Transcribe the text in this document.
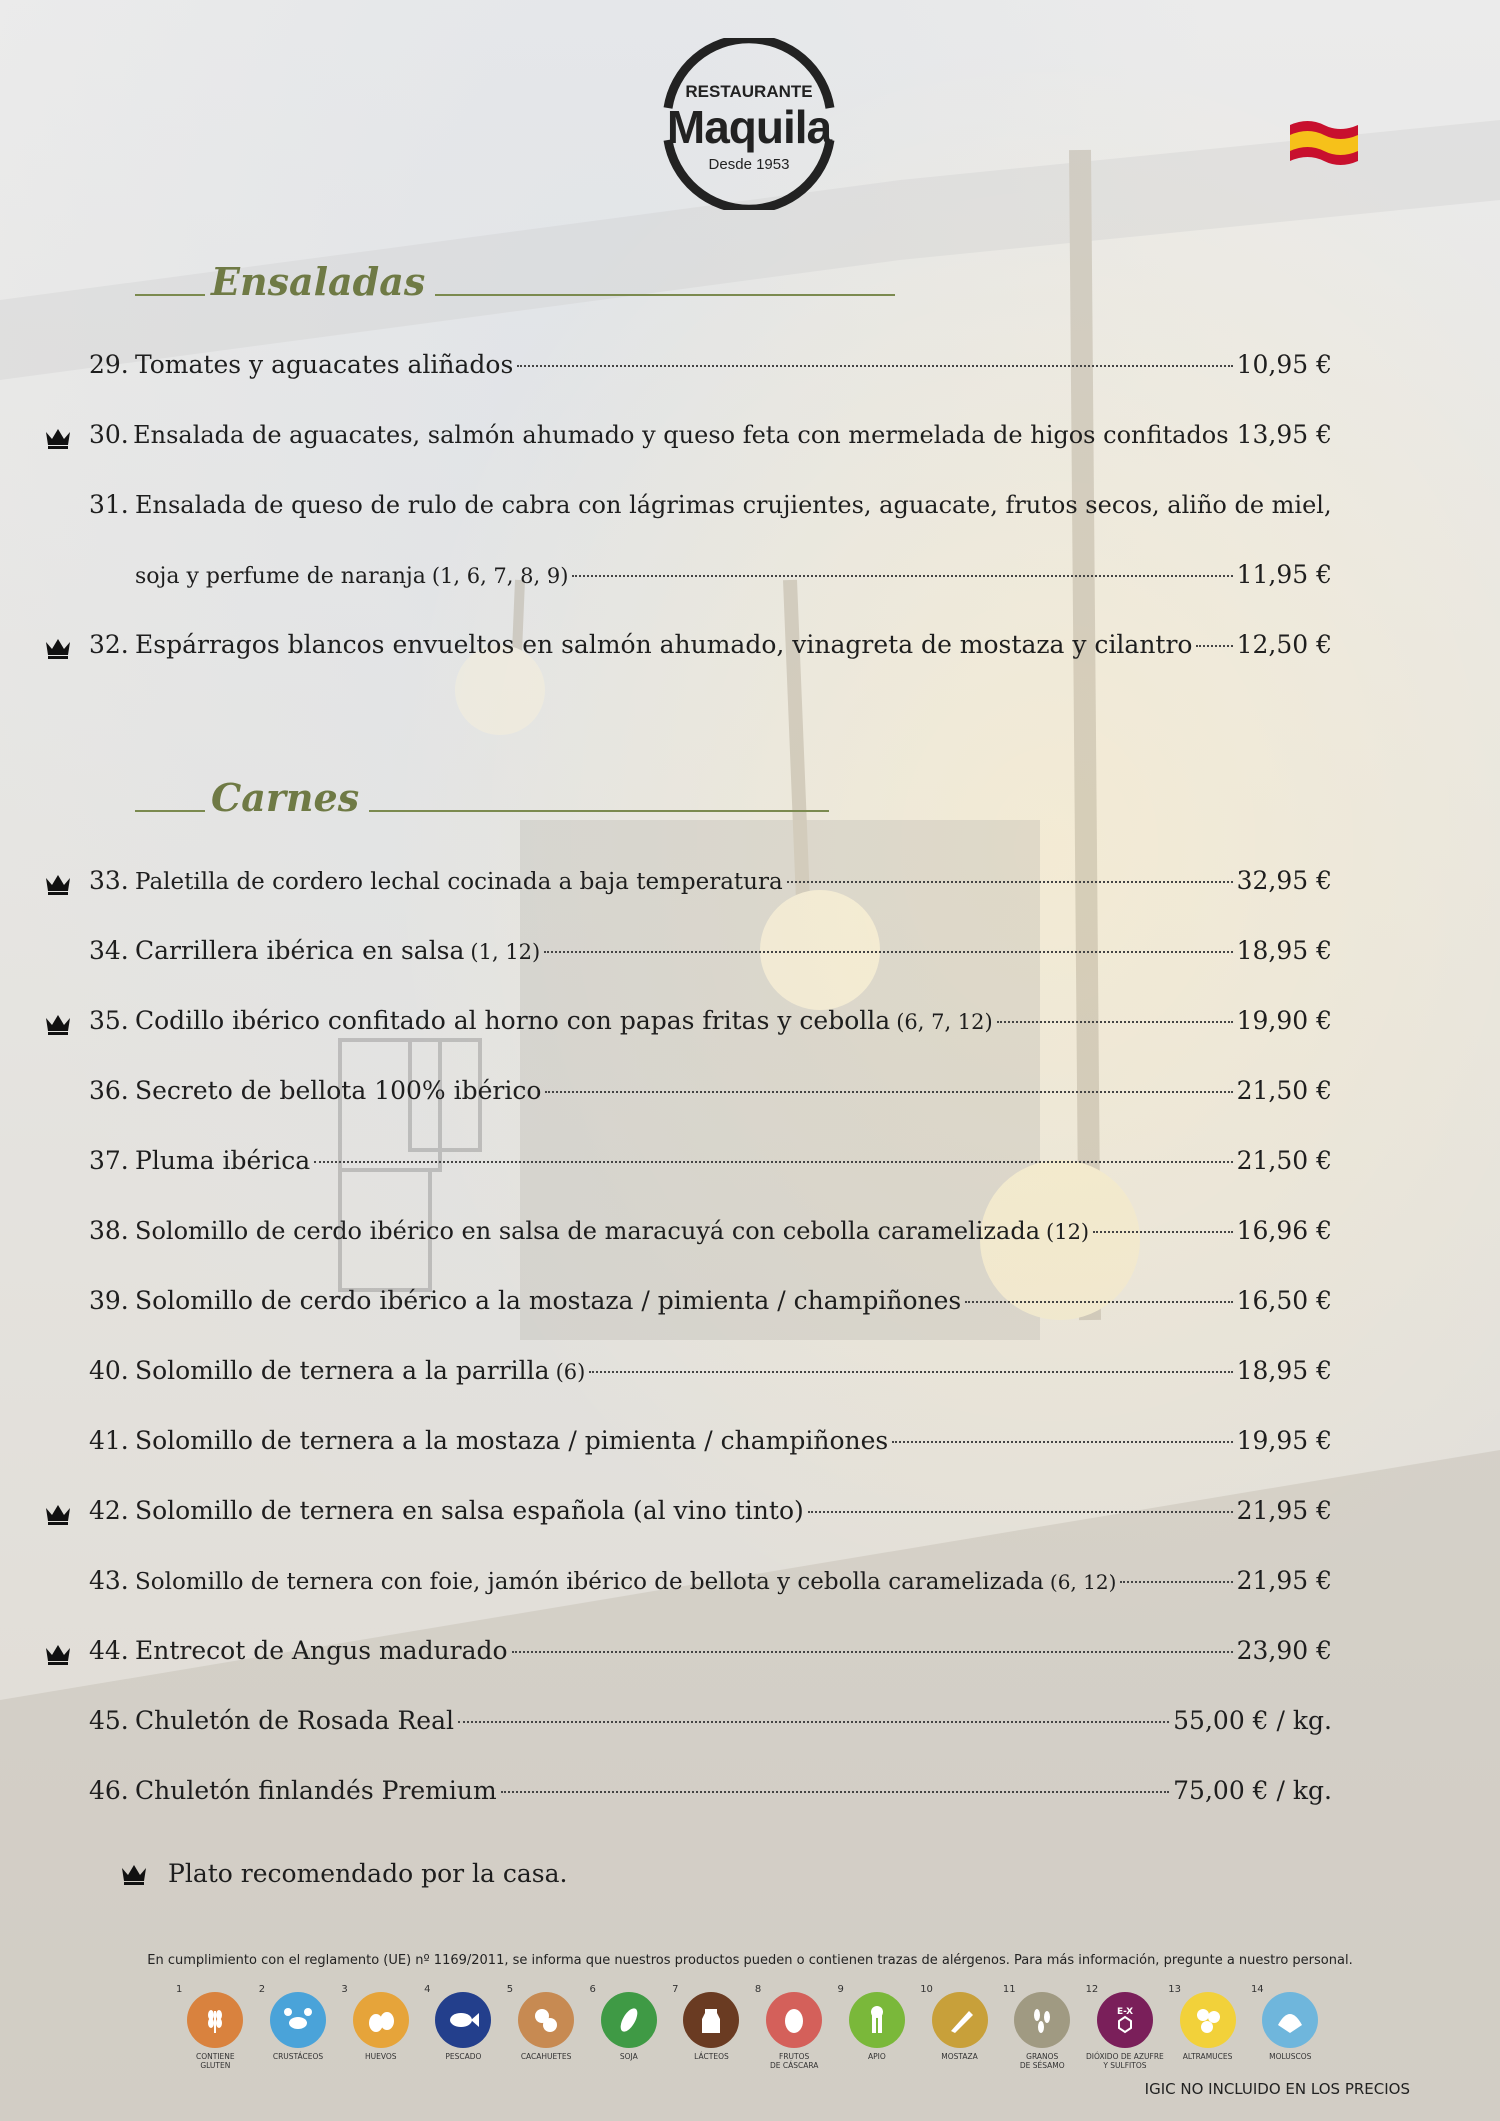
RESTAURANTE
Maquila
Desde 1953
Ensaladas
29. Tomates y aguacates aliñados	10,95 €
30. Ensalada de aguacates, salmón ahumado y queso feta con mermelada de higos confitados 13,95 €
31. Ensalada de queso de rulo de cabra con lágrimas crujientes, aguacate, frutos secos, aliño de miel,
soja y perfume de naranja (1, 6, 7, 8, 9)	11,95 €
32. Espárragos blancos envueltos en salmón ahumado, vinagreta de mostaza y cilantro 12,50 €
Carnes
33. Paletilla de cordero lechal cocinada a baja temperatura	32,95 €
34. Carrillera ibérica en salsa (1, 12)	18,95 €
35. Codillo ibérico confitado al horno con papas fritas y cebolla (6, 7, 12)	19,90 €
36. Secreto de bellota 100% ibérico	21,50 €
37. Pluma ibérica	21,50 €
38. Solomillo de cerdo ibérico en salsa de maracuyá con cebolla caramelizada (12)	16,96 €
39. Solomillo de cerdo ibérico a la mostaza / pimienta / champiñones	16,50 €
40. Solomillo de ternera a la parrilla (6)	18,95 €
41. Solomillo de ternera a la mostaza / pimienta / champiñones	19,95 €
42. Solomillo de ternera en salsa española (al vino tinto)	21,95 €
43. Solomillo de ternera con foie, jamón ibérico de bellota y cebolla caramelizada (6, 12)	21,95 €
44. Entrecot de Angus madurado	23,90 €
45. Chuletón de Rosada Real	55,00 € / kg.
46. Chuletón finlandés Premium	75,00 € / kg.
Plato recomendado por la casa.
En cumplimiento con el reglamento (UE) nº 1169/2011, se informa que nuestros productos pueden o contienen trazas de alérgenos. Para más información, pregunte a nuestro personal.
1
CONTIENE
GLUTEN
2
CRUSTÁCEOS
3
HUEVOS
4
PESCADO
5
CACAHUETES
6
SOJA
7
LÁCTEOS
8
FRUTOS
DE CÁSCARA
9
APIO
10
MOSTAZA
11
GRANOS
DE SÉSAMO
12
E-X
DIÓXIDO DE AZUFRE
Y SULFITOS
13
ALTRAMUCES
14
MOLUSCOS
IGIC NO INCLUIDO EN LOS PRECIOS
